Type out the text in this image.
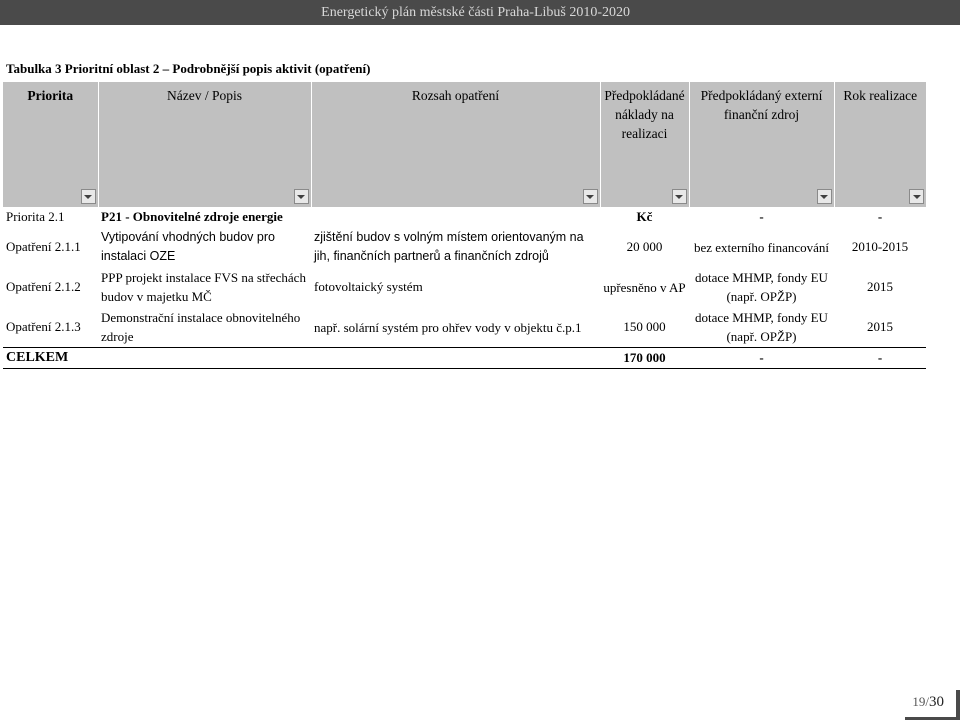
Energetický plán městské části Praha-Libuš 2010-2020
Tabulka 3 Prioritní oblast 2 – Podrobnější popis aktivit (opatření)
Priorita	Název / Popis	Rozsah opatření	Předpokládané náklady na realizaci	Předpokládaný externí finanční zdroj	Rok realizace

Priorita 2.1	P21 - Obnovitelné zdroje energie		Kč	-	-
Opatření 2.1.1	Vytipování vhodných budov pro instalaci OZE	zjištění budov s volným místem orientovaným na jih, finančních partnerů a finančních zdrojů	20 000	bez externího financování	2010-2015
Opatření 2.1.2	PPP projekt instalace FVS na střechách budov v majetku MČ	fotovoltaický systém	upřesněno v AP	dotace MHMP, fondy EU (např. OPŽP)	2015
Opatření 2.1.3	Demonstrační instalace obnovitelného zdroje	např. solární systém pro ohřev vody v objektu č.p.1	150 000	dotace MHMP, fondy EU (např. OPŽP)	2015
CELKEM			170 000	-	-
19/30
